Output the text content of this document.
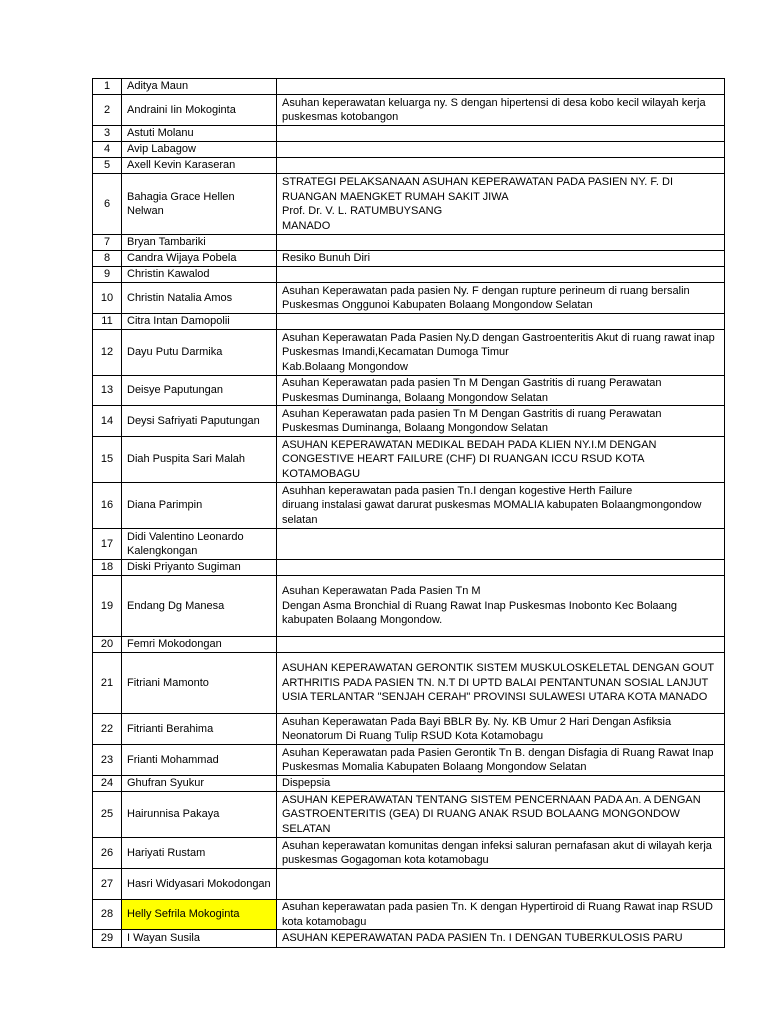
1	Aditya Maun	
2	Andraini Iin Mokoginta	Asuhan keperawatan keluarga ny. S dengan hipertensi di desa kobo kecil wilayah kerja puskesmas kotobangon
3	Astuti Molanu	
4	Avip Labagow	
5	Axell Kevin Karaseran	
6	Bahagia Grace Hellen Nelwan	STRATEGI PELAKSANAAN ASUHAN KEPERAWATAN PADA PASIEN NY. F. DI RUANGAN MAENGKET RUMAH SAKIT JIWA
Prof. Dr. V. L. RATUMBUYSANG
MANADO
7	Bryan Tambariki	
8	Candra Wijaya Pobela	Resiko Bunuh Diri
9	Christin Kawalod	
10	Christin Natalia Amos	Asuhan Keperawatan pada pasien Ny. F dengan rupture perineum di ruang bersalin Puskesmas Onggunoi Kabupaten Bolaang Mongondow Selatan
11	Citra Intan Damopolii	
12	Dayu Putu Darmika	Asuhan Keperawatan Pada Pasien Ny.D dengan Gastroenteritis Akut di ruang rawat inap Puskesmas Imandi,Kecamatan Dumoga Timur
Kab.Bolaang Mongondow
13	Deisye Paputungan	Asuhan Keperawatan pada pasien Tn M Dengan Gastritis di ruang Perawatan Puskesmas Duminanga, Bolaang Mongondow Selatan
14	Deysi Safriyati Paputungan	Asuhan Keperawatan pada pasien Tn M Dengan Gastritis di ruang Perawatan Puskesmas Duminanga, Bolaang Mongondow Selatan
15	Diah Puspita Sari Malah	ASUHAN KEPERAWATAN MEDIKAL BEDAH PADA KLIEN NY.I.M DENGAN CONGESTIVE HEART FAILURE (CHF) DI RUANGAN ICCU RSUD KOTA KOTAMOBAGU
16	Diana Parimpin	Asuhhan keperawatan pada pasien Tn.I dengan kogestive Herth Failure
diruang instalasi gawat darurat puskesmas MOMALIA kabupaten Bolaangmongondow selatan
17	Didi Valentino Leonardo Kalengkongan	
18	Diski Priyanto Sugiman	
19	Endang Dg Manesa	Asuhan Keperawatan Pada Pasien Tn M
Dengan Asma Bronchial di Ruang Rawat Inap Puskesmas Inobonto Kec Bolaang
kabupaten Bolaang Mongondow.
20	Femri Mokodongan	
21	Fitriani Mamonto	ASUHAN KEPERAWATAN GERONTIK SISTEM MUSKULOSKELETAL DENGAN GOUT ARTHRITIS PADA PASIEN TN. N.T DI UPTD BALAI PENTANTUNAN SOSIAL LANJUT USIA TERLANTAR "SENJAH CERAH" PROVINSI SULAWESI UTARA KOTA MANADO
22	Fitrianti Berahima	Asuhan Keperawatan Pada Bayi BBLR By. Ny. KB Umur 2 Hari Dengan Asfiksia Neonatorum Di Ruang Tulip RSUD Kota Kotamobagu
23	Frianti Mohammad	Asuhan Keperawatan pada Pasien Gerontik Tn B. dengan Disfagia di Ruang Rawat Inap Puskesmas Momalia Kabupaten Bolaang Mongondow Selatan
24	Ghufran Syukur	Dispepsia
25	Hairunnisa Pakaya	ASUHAN KEPERAWATAN TENTANG SISTEM PENCERNAAN PADA An. A DENGAN GASTROENTERITIS (GEA) DI RUANG ANAK RSUD BOLAANG MONGONDOW SELATAN
26	Hariyati Rustam	Asuhan keperawatan komunitas dengan infeksi saluran pernafasan akut di wilayah kerja puskesmas Gogagoman kota kotamobagu
27	Hasri Widyasari Mokodongan	
28	Helly Sefrila Mokoginta	Asuhan keperawatan pada pasien Tn. K dengan Hypertiroid di Ruang Rawat inap RSUD kota kotamobagu
29	I Wayan Susila	ASUHAN KEPERAWATAN PADA PASIEN Tn. I DENGAN TUBERKULOSIS PARU
